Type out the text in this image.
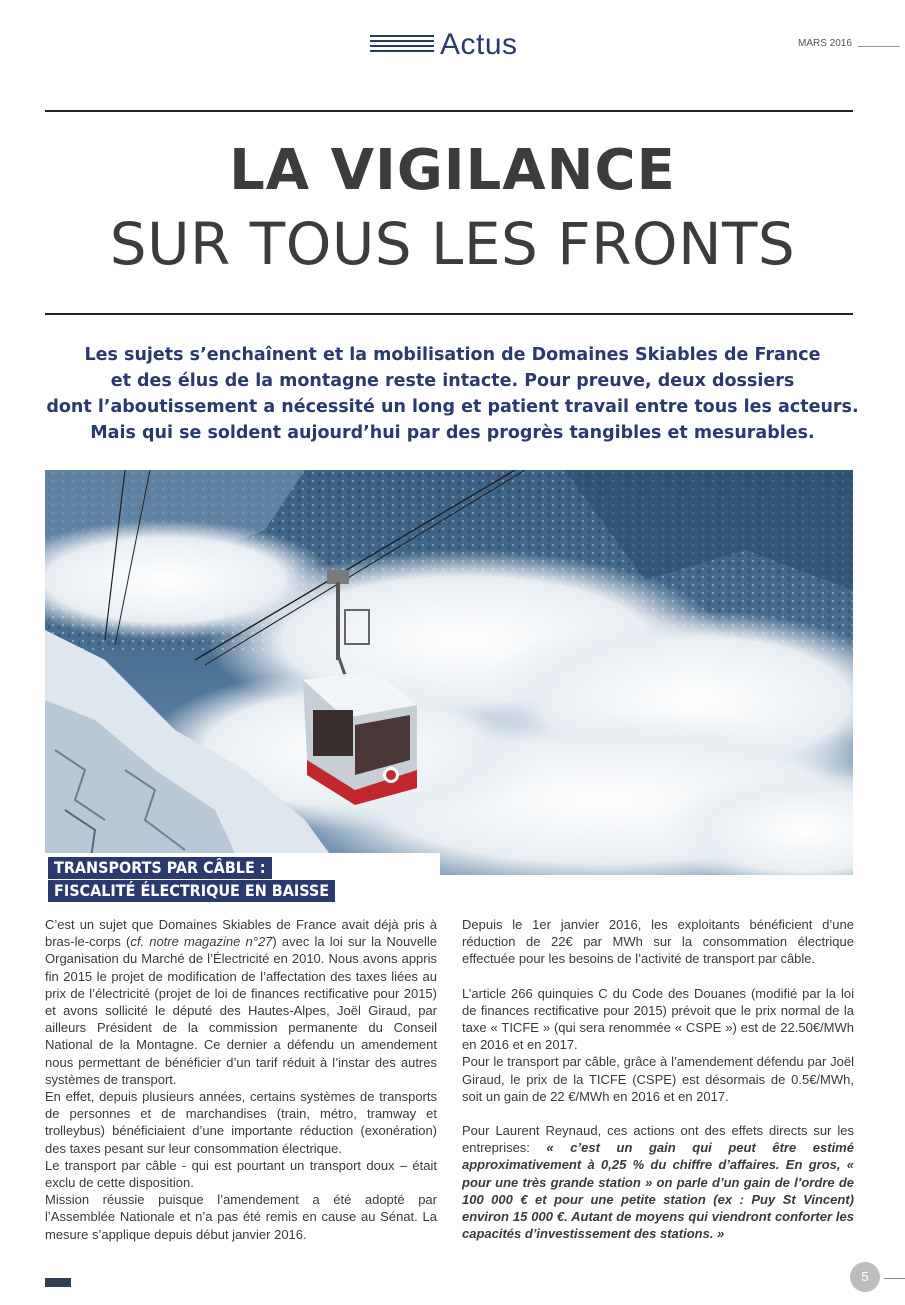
Actus	MARS 2016
LA VIGILANCE
SUR TOUS LES FRONTS
Les sujets s’enchaînent et la mobilisation de Domaines Skiables de France
et des élus de la montagne reste intacte. Pour preuve, deux dossiers
dont l’aboutissement a nécessité un long et patient travail entre tous les acteurs.
Mais qui se soldent aujourd’hui par des progrès tangibles et mesurables.
TRANSPORTS PAR CÂBLE :
FISCALITÉ ÉLECTRIQUE EN BAISSE

C’est un sujet que Domaines Skiables de France avait déjà pris à bras-le-corps (cf. notre magazine n°27) avec la loi sur la Nouvelle Organisation du Marché de l’Électricité en 2010. Nous avons appris fin 2015 le projet de modification de l’affectation des taxes liées au prix de l’électricité (projet de loi de finances rectificative pour 2015) et avons sollicité le député des Hautes-Alpes, Joël Giraud, par ailleurs Président de la commission permanente du Conseil National de la Montagne. Ce dernier a défendu un amendement nous permettant de bénéficier d’un tarif réduit à l’instar des autres systèmes de transport.

En effet, depuis plusieurs années, certains systèmes de transports de personnes et de marchandises (train, métro, tramway et trolleybus) bénéficiaient d’une importante réduction (exonération) des taxes pesant sur leur consommation électrique.

Le transport par câble - qui est pourtant un transport doux – était exclu de cette disposition.

Mission réussie puisque l’amendement a été adopté par l’Assemblée Nationale et n’a pas été remis en cause au Sénat. La mesure s’applique depuis début janvier 2016.

Depuis le 1er janvier 2016, les exploitants bénéficient d’une réduction de 22€ par MWh sur la consommation électrique effectuée pour les besoins de l’activité de transport par câble.

L’article 266 quinquies C du Code des Douanes (modifié par la loi de finances rectificative pour 2015) prévoit que le prix normal de la taxe « TICFE » (qui sera renommée « CSPE ») est de 22.50€/MWh en 2016 et en 2017.

Pour le transport par câble, grâce à l’amendement défendu par Joël Giraud, le prix de la TICFE (CSPE) est désormais de 0.5€/MWh, soit un gain de 22 €/MWh en 2016 et en 2017.

Pour Laurent Reynaud, ces actions ont des effets directs sur les entreprises: « c’est un gain qui peut être estimé approximativement à 0,25 % du chiffre d’affaires. En gros, « pour une très grande station » on parle d’un gain de l’ordre de 100 000 € et pour une petite station (ex : Puy St Vincent) environ 15 000 €. Autant de moyens qui viendront conforter les capacités d’investissement des stations. »

5
